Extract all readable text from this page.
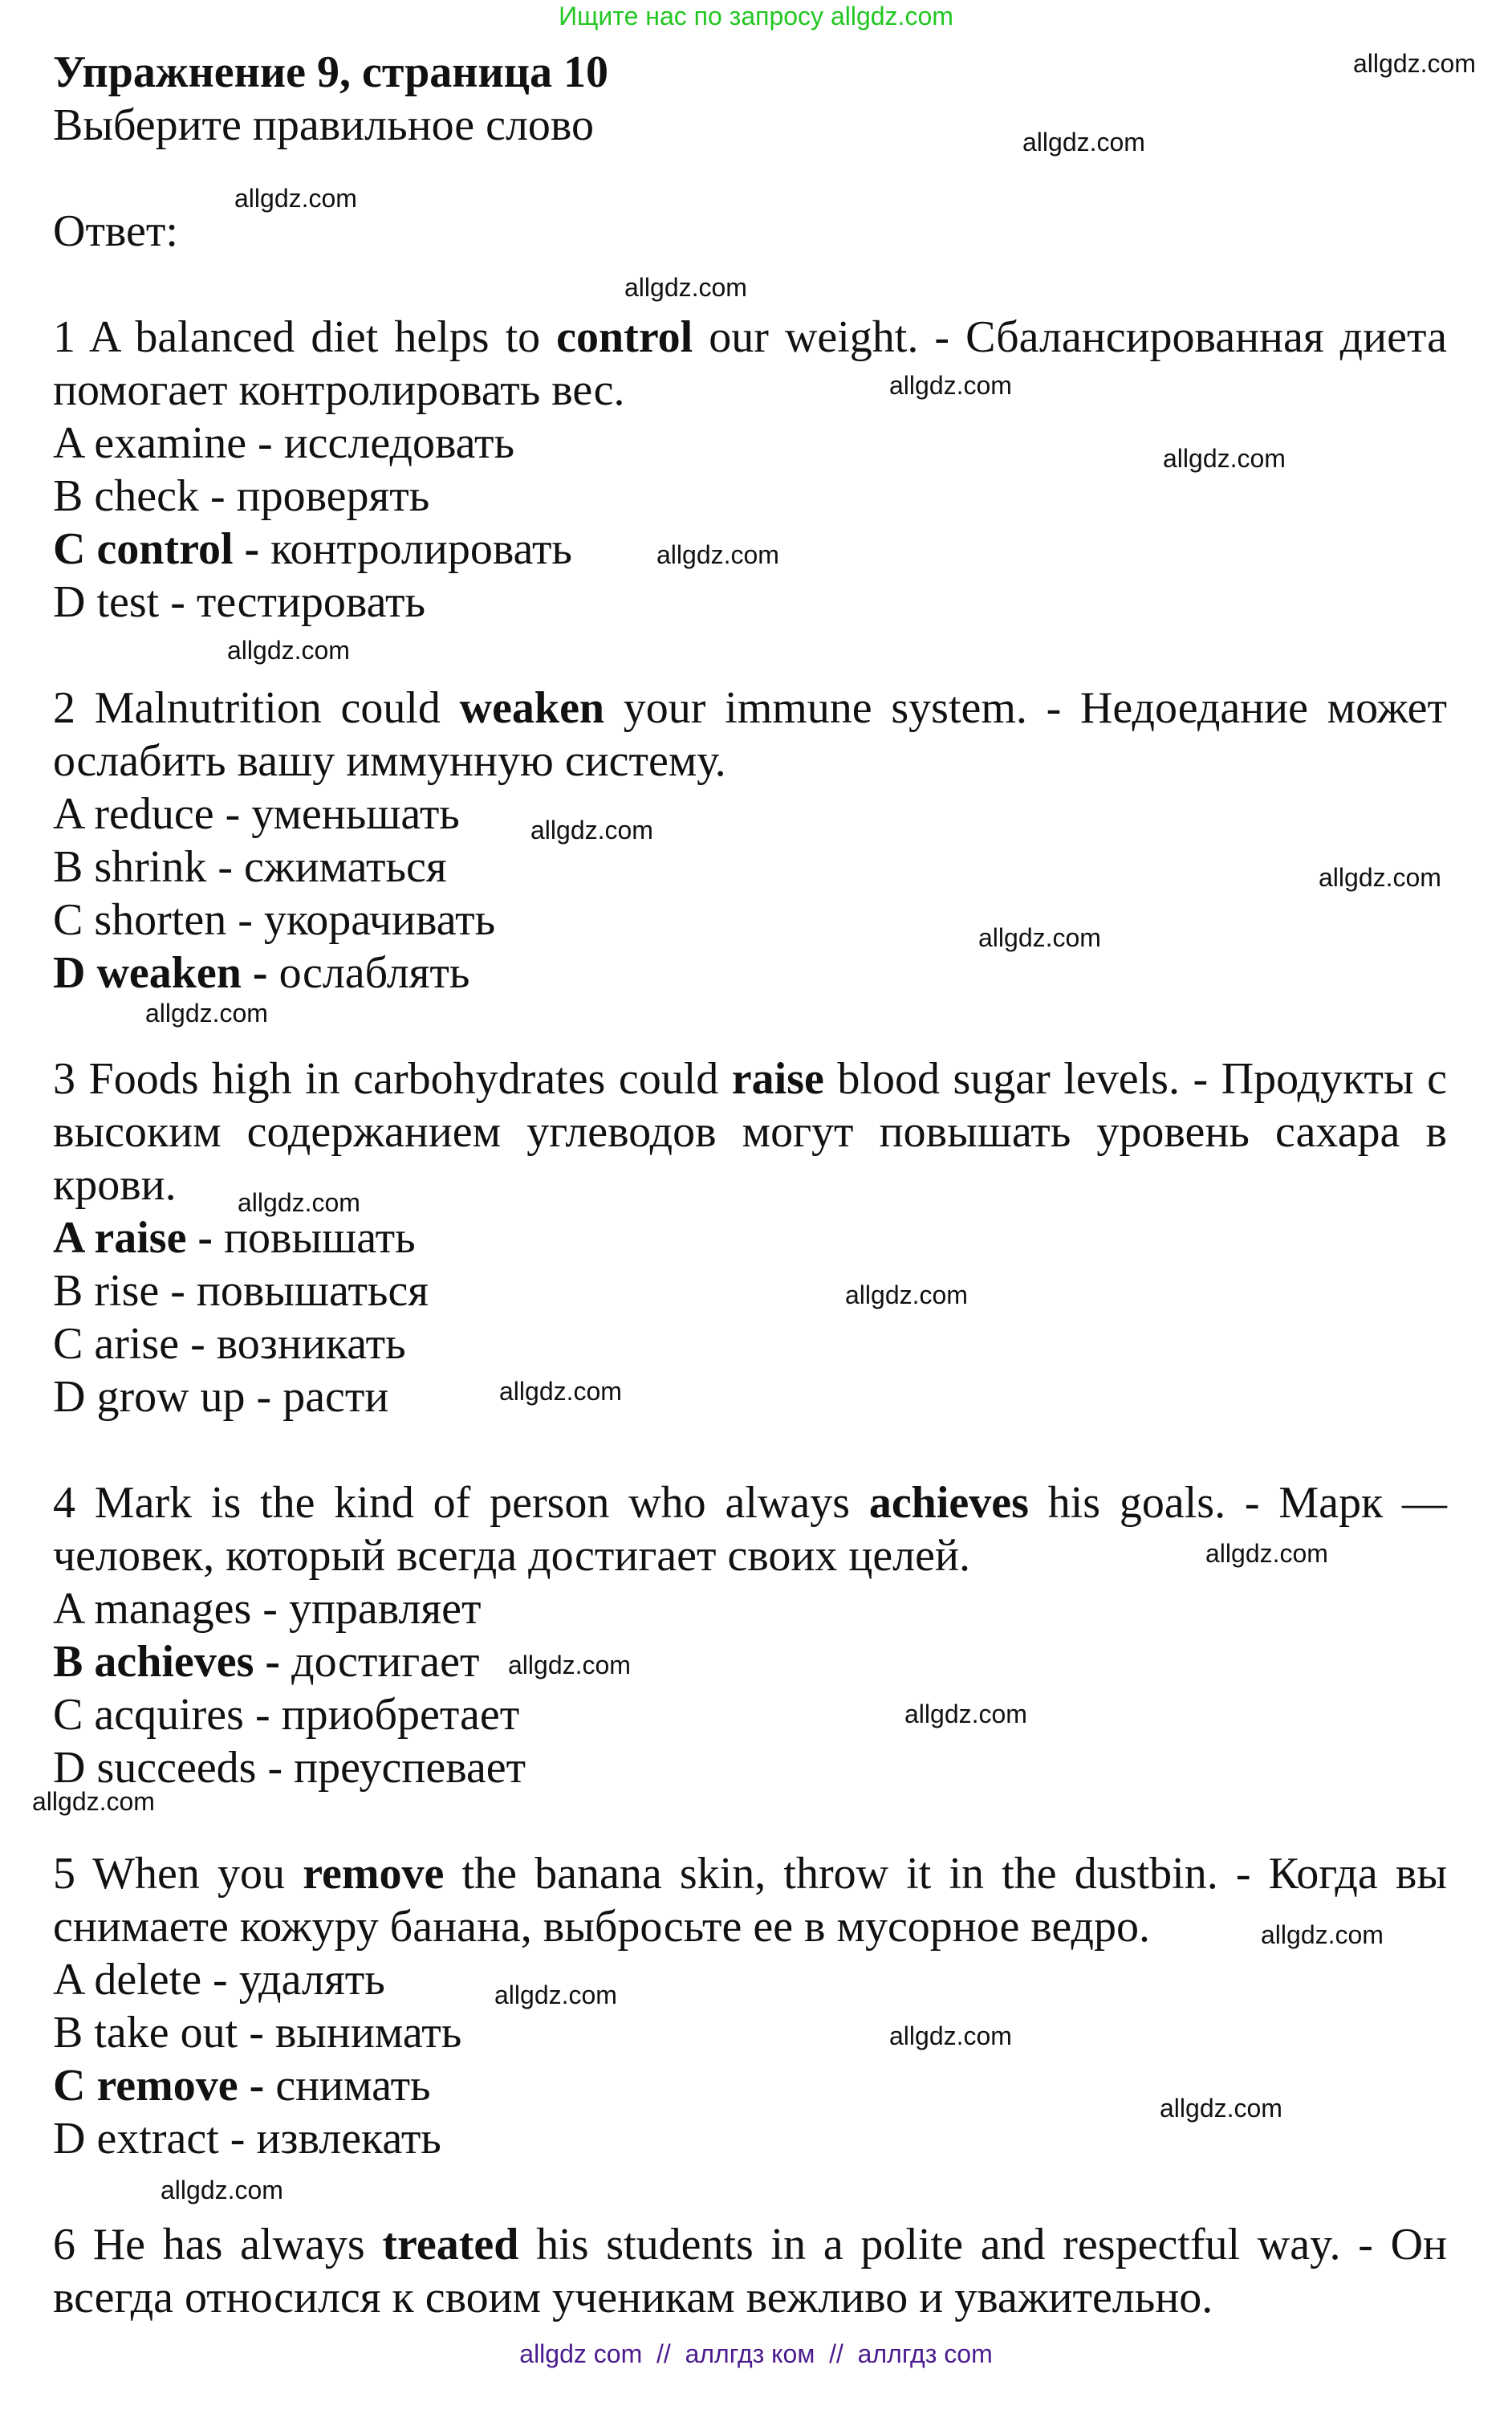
Ищите нас по запросу allgdz.com
Упражнение 9, страница 10
Выберите правильное слово
Ответ:
1 A balanced diet helps to control our weight. - Сбалансированная диета помогает контролировать вес.
A examine - исследовать
B check - проверять
C control - контролировать
D test - тестировать
2 Malnutrition could weaken your immune system. - Недоедание может ослабить вашу иммунную систему.
A reduce - уменьшать
B shrink - сжиматься
C shorten - укорачивать
D weaken - ослаблять
3 Foods high in carbohydrates could raise blood sugar levels. - Продукты с высоким содержанием углеводов могут повышать уровень сахара в крови.
A raise - повышать
B rise - повышаться
C arise - возникать
D grow up - расти
4 Mark is the kind of person who always achieves his goals. - Марк — человек, который всегда достигает своих целей.
A manages - управляет
B achieves - достигает
C acquires - приобретает
D succeeds - преуспевает
5 When you remove the banana skin, throw it in the dustbin. - Когда вы снимаете кожуру банана, выбросьте ее в мусорное ведро.
A delete - удалять
B take out - вынимать
C remove - снимать
D extract - извлекать
6 He has always treated his students in a polite and respectful way. - Он всегда относился к своим ученикам вежливо и уважительно.
allgdz.com
allgdz.com
allgdz.com
allgdz.com
allgdz.com
allgdz.com
allgdz.com
allgdz.com
allgdz.com
allgdz.com
allgdz.com
allgdz.com
allgdz.com
allgdz.com
allgdz.com
allgdz.com
allgdz.com
allgdz.com
allgdz.com
allgdz.com
allgdz.com
allgdz.com
allgdz.com
allgdz.com
allgdz com  //  аллгдз ком  //  аллгдз com
